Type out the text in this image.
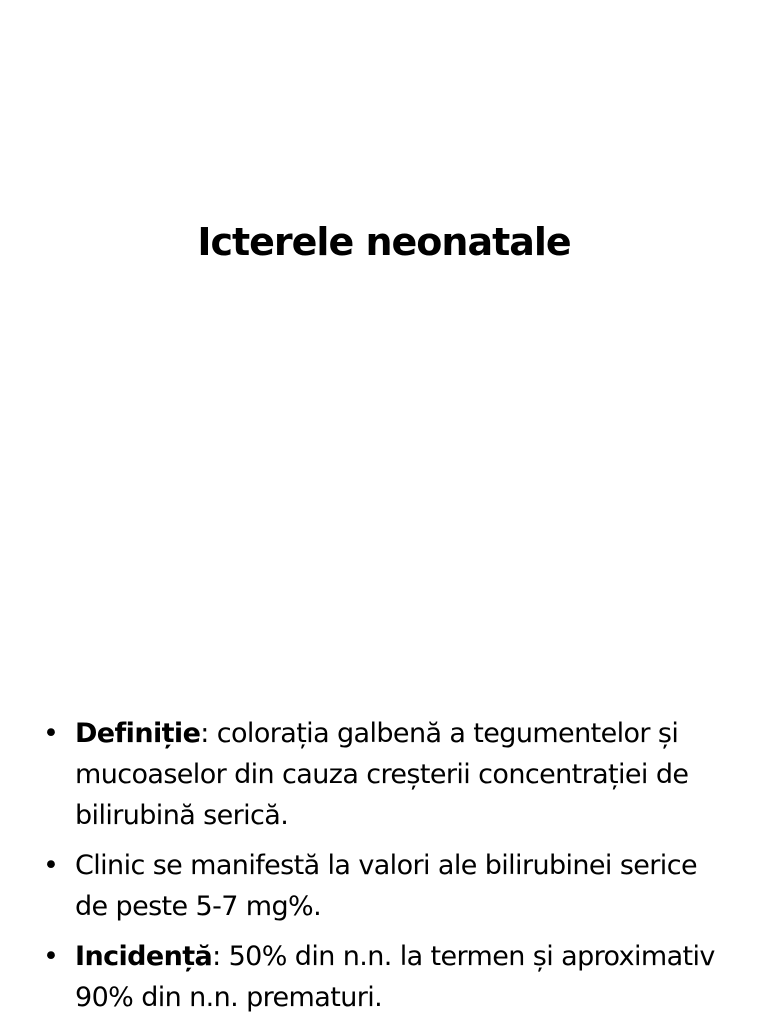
Icterele neonatale
• Definiție: colorația galbenă a tegumentelor și mucoaselor din cauza creșterii concentrației de bilirubină serică.
• Clinic se manifestă la valori ale bilirubinei serice de peste 5-7 mg%.
• Incidență: 50% din n.n. la termen și aproximativ 90% din n.n. prematuri.
